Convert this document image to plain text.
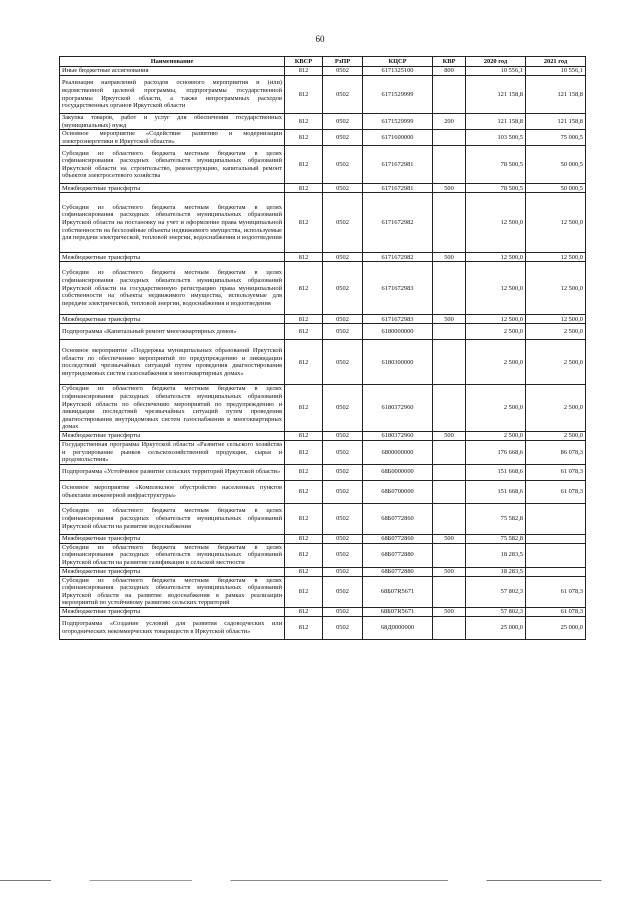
60
Наименование	КВСР	РзПР	КЦСР	КВР	2020 год	2021 год
Иные бюджетные ассигнования	812	0502	6171325100	800	10 556,1	10 556,1
Реализация направлений расходов основного мероприятия и (или) ведомственной целевой программы, подпрограммы государственной программы Иркутской области, а также непрограммных расходов государственных органов Иркутской области	812	0502	6171529999		121 158,8	121 158,8
Закупка товаров, работ и услуг для обеспечения государственных (муниципальных) нужд	812	0502	6171529999	200	121 158,8	121 158,8
Основное мероприятие «Содействие развитию и модернизации электроэнергетики в Иркутской области»	812	0502	6171600000		103 500,5	75 000,5
Субсидии из областного бюджета местным бюджетам в целях софинансирования расходных обязательств муниципальных образований Иркутской области на строительство, реконструкцию, капитальный ремонт объектов электросетевого хозяйства	812	0502	6171672981		78 500,5	50 000,5
Межбюджетные трансферты	812	0502	6171672981	500	78 500,5	50 000,5
Субсидии из областного бюджета местным бюджетам в целях софинансирования расходных обязательств муниципальных образований Иркутской области на постановку на учет и оформление права муниципальной собственности на бесхозяйные объекты недвижимого имущества, используемые для передачи электрической, тепловой энергии, водоснабжения и водоотведения	812	0502	6171672982		12 500,0	12 500,0
Межбюджетные трансферты	812	0502	6171672982	500	12 500,0	12 500,0
Субсидии из областного бюджета местным бюджетам в целях софинансирования расходных обязательств муниципальных образований Иркутской области на государственную регистрацию права муниципальной собственности на объекты недвижимого имущества, используемые для передачи электрической, тепловой энергии, водоснабжения и водоотведения	812	0502	6171672983		12 500,0	12 500,0
Межбюджетные трансферты	812	0502	6171672983	500	12 500,0	12 500,0
Подпрограмма «Капитальный ремонт многоквартирных домов»	812	0502	6180000000		2 500,0	2 500,0
Основное мероприятие «Поддержка муниципальных образований Иркутской области по обеспечению мероприятий по предупреждению и ликвидации последствий чрезвычайных ситуаций путем проведения диагностирования внутридомовых систем газоснабжения в многоквартирных домах»	812	0502	6180300000		2 500,0	2 500,0
Субсидии из областного бюджета местным бюджетам в целях софинансирования расходных обязательств муниципальных образований Иркутской области по обеспечению мероприятий по предупреждению и ликвидации последствий чрезвычайных ситуаций путем проведения диагностирования внутридомовых систем газоснабжения в многоквартирных домах	812	0502	6180372960		2 500,0	2 500,0
Межбюджетные трансферты	812	0502	6180372960	500	2 500,0	2 500,0
Государственная программа Иркутской области «Развитие сельского хозяйства и регулирование рынков сельскохозяйственной продукции, сырья и продовольствия»	812	0502	6800000000		176 668,6	86 078,3
Подпрограмма «Устойчивое развитие сельских территорий Иркутской области»	812	0502	68Б0000000		151 668,6	61 078,3
Основное мероприятие «Комплексное обустройство населенных пунктов объектами инженерной инфраструктуры»	812	0502	68Б0700000		151 668,6	61 078,3
Субсидии из областного бюджета местным бюджетам в целях софинансирования расходных обязательств муниципальных образований Иркутской области на развитие водоснабжения	812	0502	68Б0772860		75 582,8	
Межбюджетные трансферты	812	0502	68Б0772860	500	75 582,8	
Субсидии из областного бюджета местным бюджетам в целях софинансирования расходных обязательств муниципальных образований Иркутской области на развитие газификации в сельской местности	812	0502	68Б0772880		18 283,5	
Межбюджетные трансферты	812	0502	68Б0772880	500	18 283,5	
Субсидии из областного бюджета местным бюджетам в целях софинансирования расходных обязательств муниципальных образований Иркутской области на развитие водоснабжения в рамках реализации мероприятий по устойчивому развитию сельских территорий	812	0502	68Б07R5671		57 802,3	61 078,3
Межбюджетные трансферты	812	0502	68Б07R5671	500	57 802,3	61 078,3
Подпрограмма «Создание условий для развития садоводческих или огороднических некоммерческих товариществ в Иркутской области»	812	0502	68Д0000000		25 000,0	25 000,0
